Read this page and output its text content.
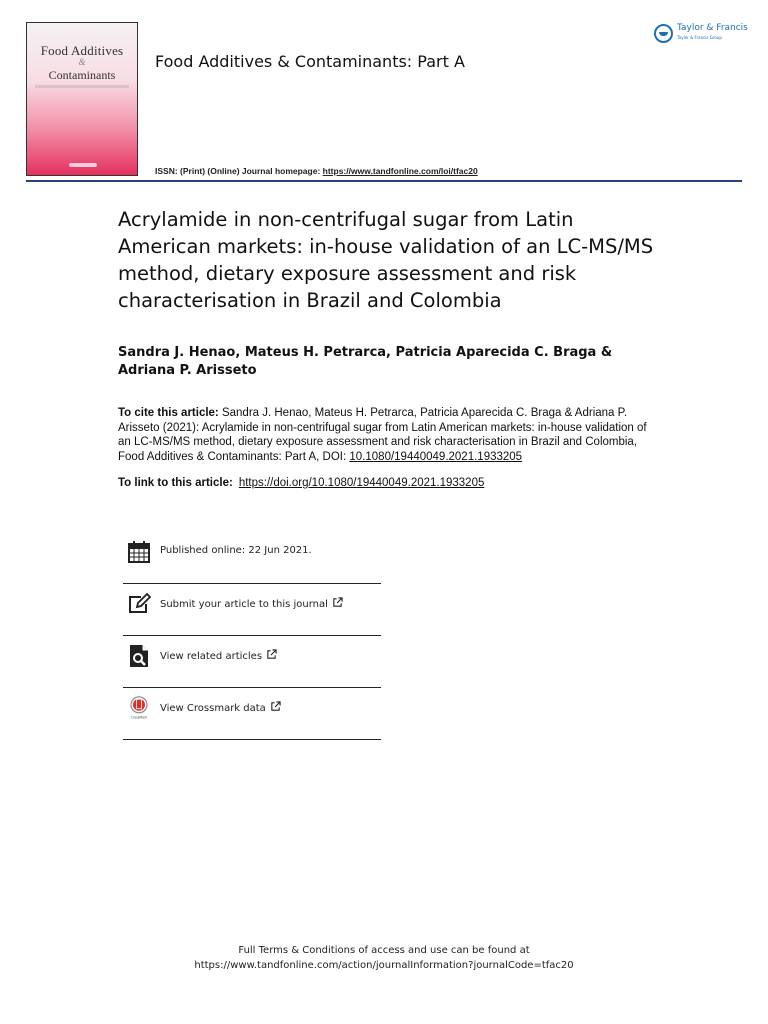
Food Additives
&
Contaminants
Food Additives & Contaminants: Part A
Taylor & Francis
Taylor & Francis Group
ISSN: (Print) (Online) Journal homepage: https://www.tandfonline.com/loi/tfac20
Acrylamide in non-centrifugal sugar from Latin American markets: in-house validation of an LC-MS/MS method, dietary exposure assessment and risk characterisation in Brazil and Colombia
Sandra J. Henao, Mateus H. Petrarca, Patricia Aparecida C. Braga & Adriana P. Arisseto
To cite this article: Sandra J. Henao, Mateus H. Petrarca, Patricia Aparecida C. Braga & Adriana P. Arisseto (2021): Acrylamide in non-centrifugal sugar from Latin American markets: in-house validation of an LC-MS/MS method, dietary exposure assessment and risk characterisation in Brazil and Colombia, Food Additives & Contaminants: Part A, DOI: 10.1080/19440049.2021.1933205
To link to this article: https://doi.org/10.1080/19440049.2021.1933205
Published online: 22 Jun 2021.
Submit your article to this journal
View related articles
CrossMark
View Crossmark data
Full Terms & Conditions of access and use can be found at
https://www.tandfonline.com/action/journalInformation?journalCode=tfac20
